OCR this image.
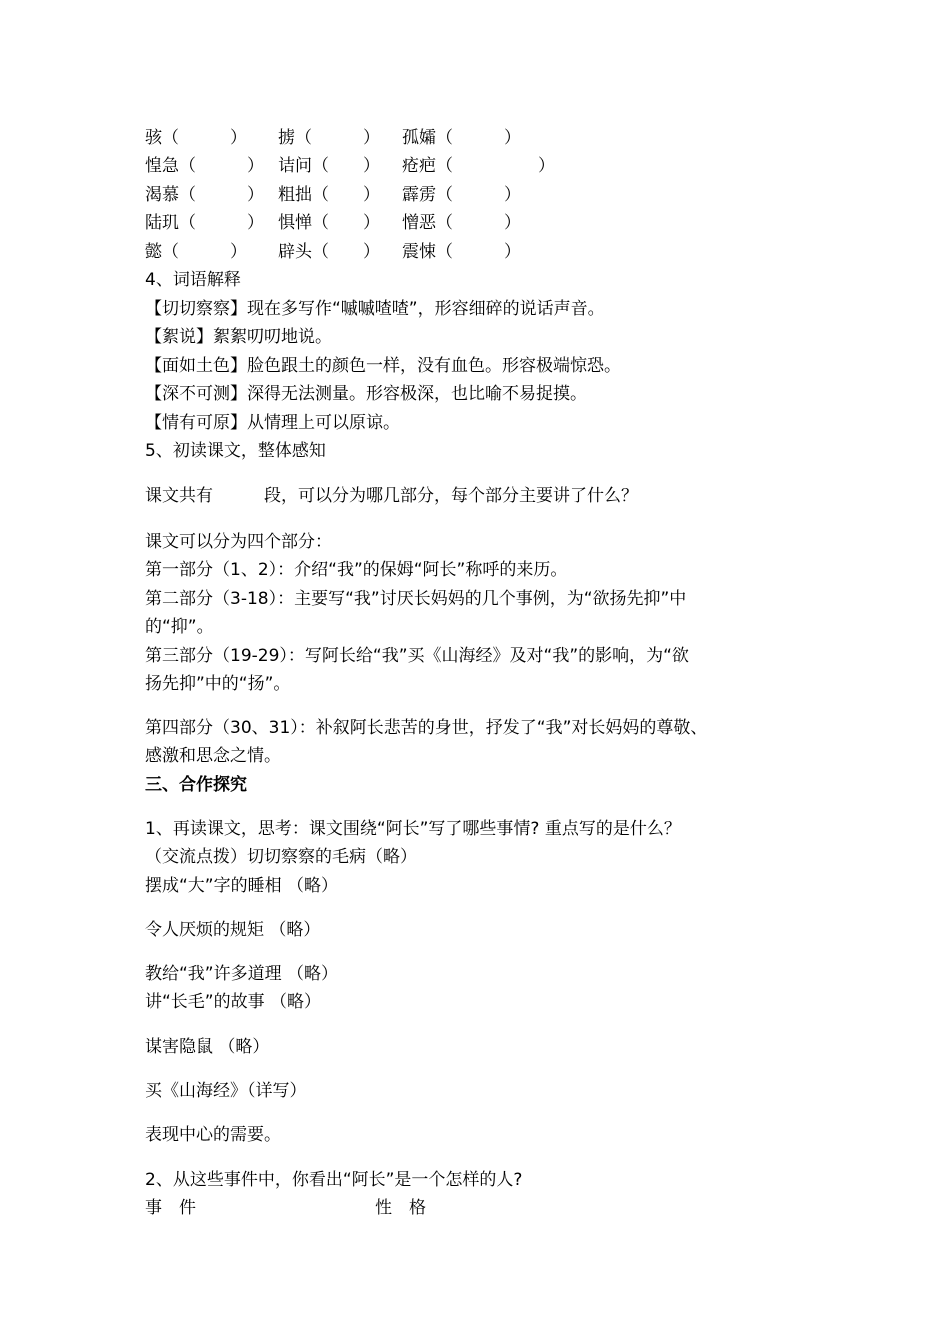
骇（　　　） 掳（　　　） 孤孀（　　　）
惶急（　　　） 诘问（　　） 疮疤（　　　　　）
渴慕（　　　） 粗拙（　　） 霹雳（　　　）
陆玑（　　　） 惧惮（　　） 憎恶（　　　）
懿（　　　） 辟头（　　） 震悚（　　　）
4、词语解释
【切切察察】现在多写作“嘁嘁喳喳”，形容细碎的说话声音。
【絮说】絮絮叨叨地说。
【面如土色】脸色跟土的颜色一样，没有血色。形容极端惊恐。
【深不可测】深得无法测量。形容极深，也比喻不易捉摸。
【情有可原】从情理上可以原谅。
5、初读课文，整体感知
课文共有　　　段，可以分为哪几部分，每个部分主要讲了什么？
课文可以分为四个部分：
第一部分（1、2）：介绍“我”的保姆“阿长”称呼的来历。
第二部分（3-18）：主要写“我”讨厌长妈妈的几个事例，为“欲扬先抑”中
的“抑”。
第三部分（19-29）：写阿长给“我”买《山海经》及对“我”的影响，为“欲
扬先抑”中的“扬”。
第四部分（30、31）：补叙阿长悲苦的身世，抒发了“我”对长妈妈的尊敬、
感激和思念之情。
三、合作探究
1、再读课文，思考：课文围绕“阿长”写了哪些事情? 重点写的是什么？
（交流点拨）切切察察的毛病（略）
摆成“大”字的睡相 （略）
令人厌烦的规矩 （略）
教给“我”许多道理 （略）
讲“长毛”的故事 （略）
谋害隐鼠 （略）
买《山海经》（详写）
表现中心的需要。
2、从这些事件中，你看出“阿长”是一个怎样的人?
事　件	性　格
